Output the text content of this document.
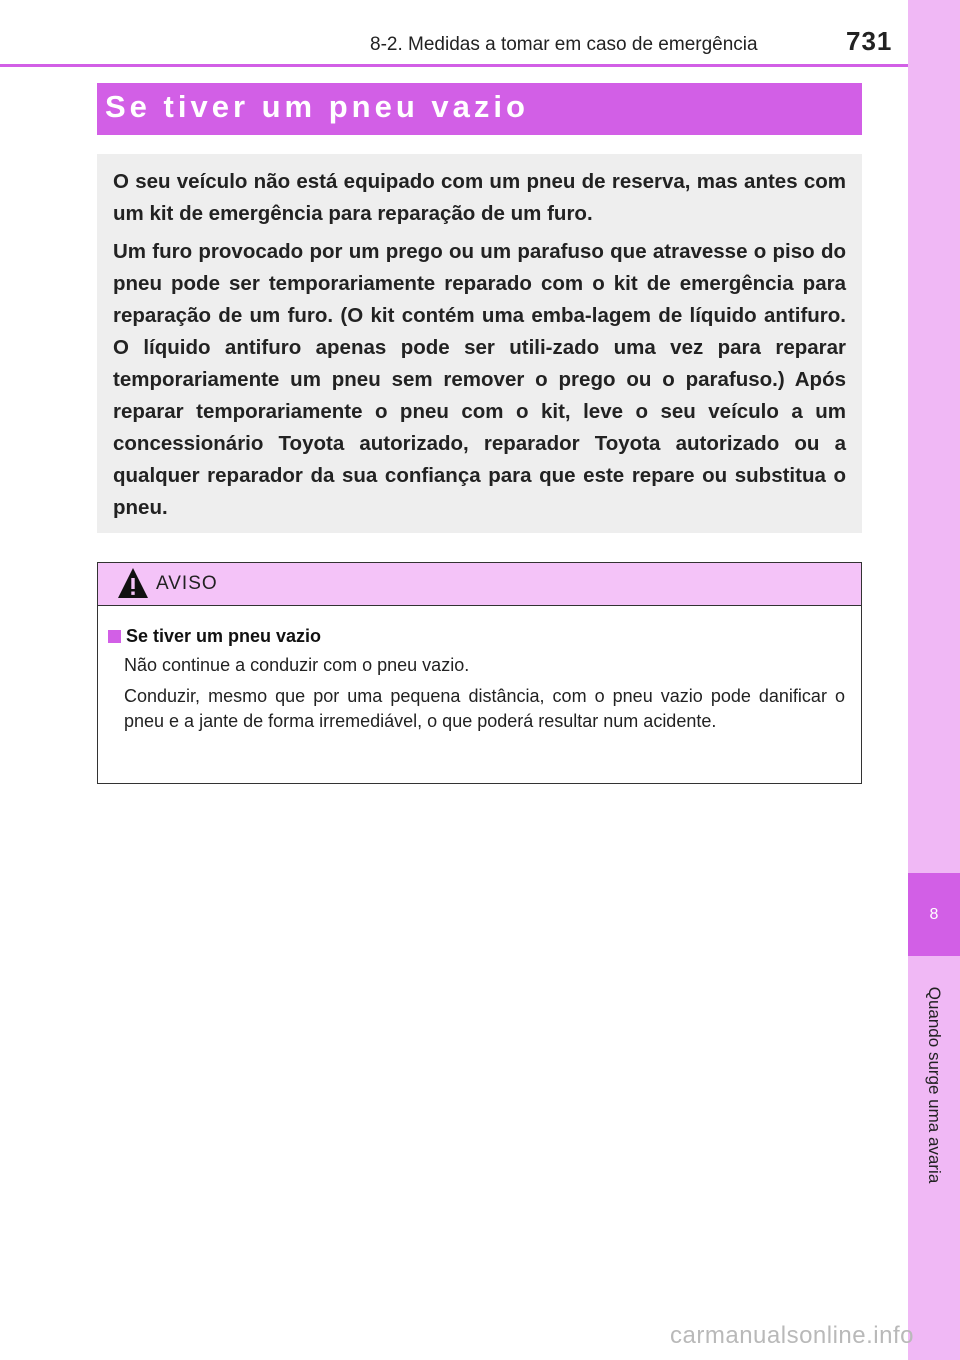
8
Quando surge uma avaria
8-2. Medidas a tomar em caso de emergência	731
Se tiver um pneu vazio

O seu veículo não está equipado com um pneu de reserva, mas antes com um kit de emergência para reparação de um furo.

Um furo provocado por um prego ou um parafuso que atravesse o piso do pneu pode ser temporariamente reparado com o kit de emergência para reparação de um furo. (O kit contém uma emba-lagem de líquido antifuro. O líquido antifuro apenas pode ser utili-zado uma vez para reparar temporariamente um pneu sem remover o prego ou o parafuso.) Após reparar temporariamente o pneu com o kit, leve o seu veículo a um concessionário Toyota autorizado, reparador Toyota autorizado ou a qualquer reparador da sua confiança para que este repare ou substitua o pneu.

AVISO
Se tiver um pneu vazio

Não continue a conduzir com o pneu vazio.

Conduzir, mesmo que por uma pequena distância, com o pneu vazio pode danificar o pneu e a jante de forma irremediável, o que poderá resultar num acidente.

carmanualsonline.info
